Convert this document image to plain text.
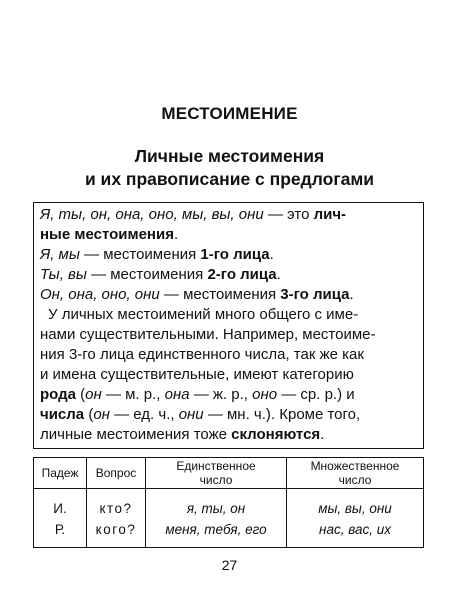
МЕСТОИМЕНИЕ
Личные местоимения
и их правописание с предлогами
Я, ты, он, она, оно, мы, вы, они — это лич-
ные местоимения.
Я, мы — местоимения 1-го лица.
Ты, вы — местоимения 2-го лица.
Он, она, оно, они — местоимения 3-го лица.
У личных местоимений много общего с име-
нами существительными. Например, местоиме-
ния 3-го лица единственного числа, так же как
и имена существительные, имеют категорию
рода (он — м. р., она — ж. р., оно — ср. р.) и
числа (он — ед. ч., они — мн. ч.). Кроме того,
Падеж	Вопрос	Единственное число	Множественное число

И.	кто?	я, ты, он	мы, вы, они
Р.	кого?	меня, тебя, его	нас, вас, их
27
личные местоимения тоже склоняются.
